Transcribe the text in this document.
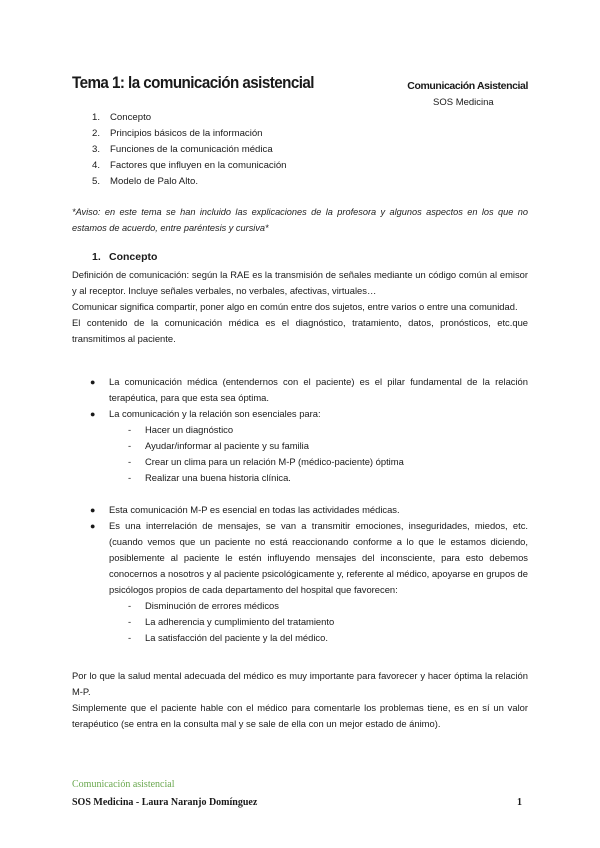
Tema 1: la comunicación asistencial	Comunicación Asistencial
SOS Medicina
1. Concepto
2. Principios básicos de la información
3. Funciones de la comunicación médica
4. Factores que influyen en la comunicación
5. Modelo de Palo Alto.
*Aviso: en este tema se han incluido las explicaciones de la profesora y algunos aspectos en los que no estamos de acuerdo, entre paréntesis y cursiva*
1. Concepto

Definición de comunicación: según la RAE es la transmisión de señales mediante un código común al emisor y al receptor. Incluye señales verbales, no verbales, afectivas, virtuales…

Comunicar significa compartir, poner algo en común entre dos sujetos, entre varios o entre una comunidad.

El contenido de la comunicación médica es el diagnóstico, tratamiento, datos, pronósticos, etc.que transmitimos al paciente.

● La comunicación médica (entendernos con el paciente) es el pilar fundamental de la relación terapéutica, para que esta sea óptima.
● La comunicación y la relación son esenciales para:
- Hacer un diagnóstico
- Ayudar/informar al paciente y su familia
- Crear un clima para un relación M-P (médico-paciente) óptima
- Realizar una buena historia clínica.
● Esta comunicación M-P es esencial en todas las actividades médicas.
● Es una interrelación de mensajes, se van a transmitir emociones, inseguridades, miedos, etc. (cuando vemos que un paciente no está reaccionando conforme a lo que le estamos diciendo, posiblemente al paciente le estén influyendo mensajes del inconsciente, para esto debemos conocernos a nosotros y al paciente psicológicamente y, referente al médico, apoyarse en grupos de psicólogos propios de cada departamento del hospital que favorecen:
- Disminución de errores médicos
- La adherencia y cumplimiento del tratamiento
- La satisfacción del paciente y la del médico.

Por lo que la salud mental adecuada del médico es muy importante para favorecer y hacer óptima la relación M-P.

Simplemente que el paciente hable con el médico para comentarle los problemas tiene, es en sí un valor terapéutico (se entra en la consulta mal y se sale de ella con un mejor estado de ánimo).

Comunicación asistencial
SOS Medicina - Laura Naranjo Domínguez	1
